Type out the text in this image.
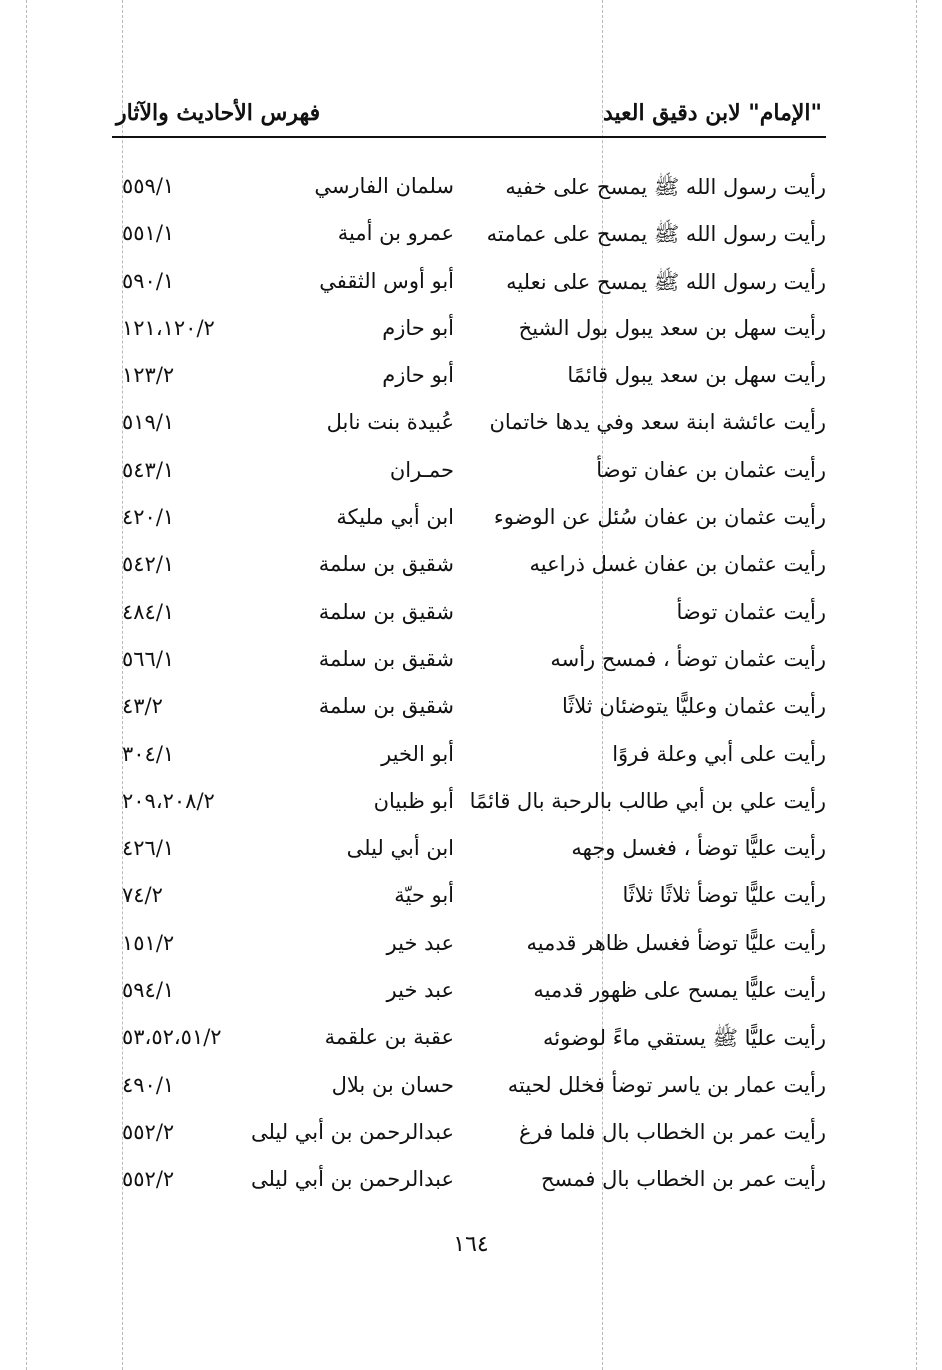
"الإمام" لابن دقيق العيد
فهرس الأحاديث والآثار
رأيت رسول الله ﷺ يمسح على خفيه
سلمان الفارسي
٥٥٩/١
رأيت رسول الله ﷺ يمسح على عمامته
عمرو بن أمية
٥٥١/١
رأيت رسول الله ﷺ يمسح على نعليه
أبو أوس الثقفي
٥٩٠/١
رأيت سهل بن سعد يبول بول الشيخ
أبو حازم
١٢١،١٢٠/٢
رأيت سهل بن سعد يبول قائمًا
أبو حازم
١٢٣/٢
رأيت عائشة ابنة سعد وفي يدها خاتمان
عُبيدة بنت نابل
٥١٩/١
رأيت عثمان بن عفان توضأ
حمـران
٥٤٣/١
رأيت عثمان بن عفان سُئل عن الوضوء
ابن أبي مليكة
٤٢٠/١
رأيت عثمان بن عفان غسل ذراعيه
شقيق بن سلمة
٥٤٢/١
رأيت عثمان توضأ
شقيق بن سلمة
٤٨٤/١
رأيت عثمان توضأ ، فمسح رأسه
شقيق بن سلمة
٥٦٦/١
رأيت عثمان وعليًّا يتوضئان ثلاثًا
شقيق بن سلمة
٤٣/٢
رأيت على أبي وعلة فروًا
أبو الخير
٣٠٤/١
رأيت علي بن أبي طالب بالرحبة بال قائمًا
أبو ظبيان
٢٠٩،٢٠٨/٢
رأيت عليًّا توضأ ، فغسل وجهه
ابن أبي ليلى
٤٢٦/١
رأيت عليًّا توضأ ثلاثًا ثلاثًا
أبو حيّة
٧٤/٢
رأيت عليًّا توضأ فغسل ظاهر قدميه
عبد خير
١٥١/٢
رأيت عليًّا يمسح على ظهور قدميه
عبد خير
٥٩٤/١
رأيت عليًّا ﷺ يستقي ماءً لوضوئه
عقبة بن علقمة
٥٣،٥٢،٥١/٢
رأيت عمار بن ياسر توضأ فخلل لحيته
حسان بن بلال
٤٩٠/١
رأيت عمر بن الخطاب بال فلما فرغ
عبدالرحمن بن أبي ليلى
٥٥٢/٢
رأيت عمر بن الخطاب بال فمسح
عبدالرحمن بن أبي ليلى
٥٥٢/٢
١٦٤
